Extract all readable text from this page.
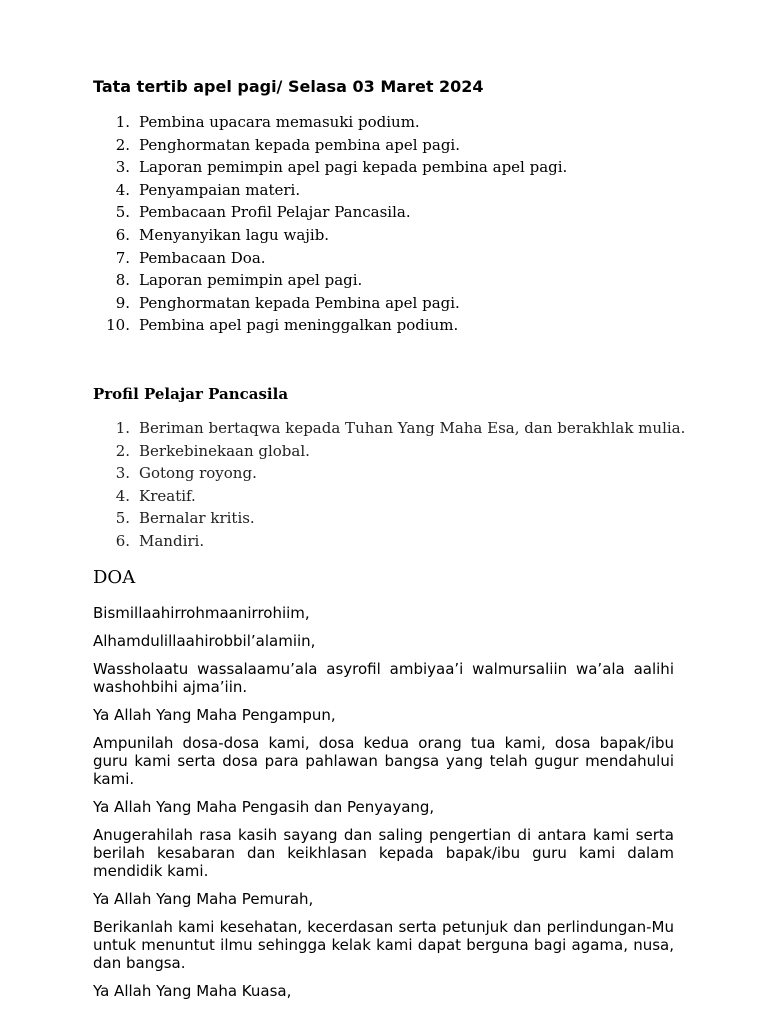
Tata tertib apel pagi/ Selasa 03 Maret 2024
1. Pembina upacara memasuki podium.
2. Penghormatan kepada pembina apel pagi.
3. Laporan pemimpin apel pagi kepada pembina apel pagi.
4. Penyampaian materi.
5. Pembacaan Profil Pelajar Pancasila.
6. Menyanyikan lagu wajib.
7. Pembacaan Doa.
8. Laporan pemimpin apel pagi.
9. Penghormatan kepada Pembina apel pagi.
10. Pembina apel pagi meninggalkan podium.
Profil Pelajar Pancasila
1. Beriman bertaqwa kepada Tuhan Yang Maha Esa, dan berakhlak mulia.
2. Berkebinekaan global.
3. Gotong royong.
4. Kreatif.
5. Bernalar kritis.
6. Mandiri.
DOA

Bismillaahirrohmaanirrohiim,

Alhamdulillaahirobbil’alamiin,

Wassholaatu wassalaamu’ala asyrofil ambiyaa’i walmursaliin wa’ala aalihi washohbihi ajma’iin.

Ya Allah Yang Maha Pengampun,

Ampunilah dosa-dosa kami, dosa kedua orang tua kami, dosa bapak/ibu guru kami serta dosa para pahlawan bangsa yang telah gugur mendahului kami.

Ya Allah Yang Maha Pengasih dan Penyayang,

Anugerahilah rasa kasih sayang dan saling pengertian di antara kami serta berilah kesabaran dan keikhlasan kepada bapak/ibu guru kami dalam mendidik kami.

Ya Allah Yang Maha Pemurah,

Berikanlah kami kesehatan, kecerdasan serta petunjuk dan perlindungan-Mu untuk menuntut ilmu sehingga kelak kami dapat berguna bagi agama, nusa, dan bangsa.

Ya Allah Yang Maha Kuasa,
